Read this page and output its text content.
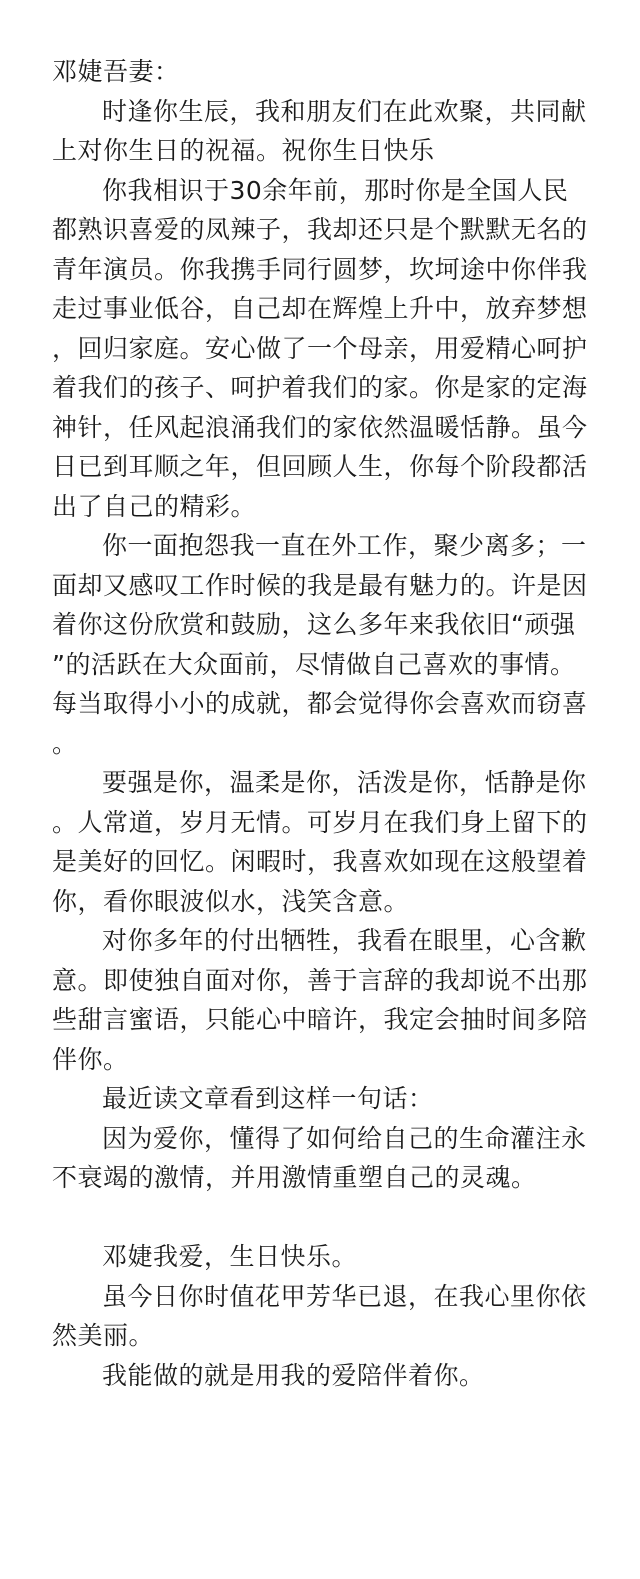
邓婕吾妻：
时逢你生辰，我和朋友们在此欢聚，共同献
上对你生日的祝福。祝你生日快乐
你我相识于30余年前，那时你是全国人民
都熟识喜爱的凤辣子，我却还只是个默默无名的
青年演员。你我携手同行圆梦，坎坷途中你伴我
走过事业低谷，自己却在辉煌上升中，放弃梦想
，回归家庭。安心做了一个母亲，用爱精心呵护
着我们的孩子、呵护着我们的家。你是家的定海
神针，任风起浪涌我们的家依然温暖恬静。虽今
日已到耳顺之年，但回顾人生，你每个阶段都活
出了自己的精彩。
你一面抱怨我一直在外工作，聚少离多；一
面却又感叹工作时候的我是最有魅力的。许是因
着你这份欣赏和鼓励，这么多年来我依旧“顽强
”的活跃在大众面前，尽情做自己喜欢的事情。
每当取得小小的成就，都会觉得你会喜欢而窃喜
。
要强是你，温柔是你，活泼是你，恬静是你
。人常道，岁月无情。可岁月在我们身上留下的
是美好的回忆。闲暇时，我喜欢如现在这般望着
你，看你眼波似水，浅笑含意。
对你多年的付出牺牲，我看在眼里，心含歉
意。即使独自面对你，善于言辞的我却说不出那
些甜言蜜语，只能心中暗许，我定会抽时间多陪
伴你。
最近读文章看到这样一句话：
因为爱你，懂得了如何给自己的生命灌注永
不衰竭的激情，并用激情重塑自己的灵魂。
邓婕我爱，生日快乐。
虽今日你时值花甲芳华已退，在我心里你依
然美丽。
我能做的就是用我的爱陪伴着你。
